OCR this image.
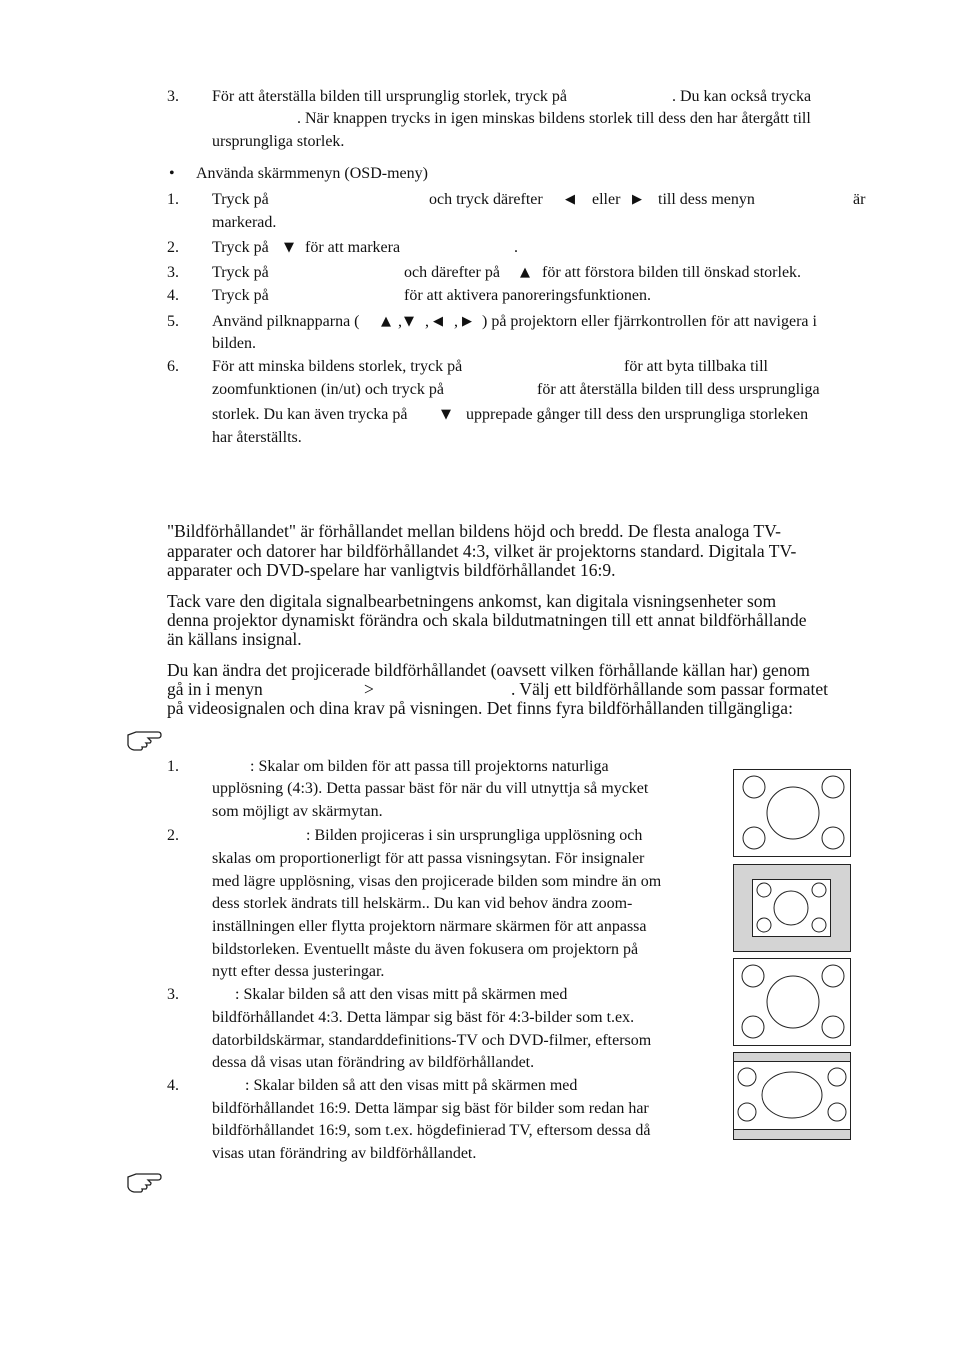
3. För att återställa bilden till ursprunglig storlek, tryck på	. Du kan också trycka
. När knappen trycks in igen minskas bildens storlek till dess den har återgått till
ursprungliga storlek.
• Använda skärmmenyn (OSD-meny)
1. Tryck på	och tryck därefter ◀ eller ▶ till dess menyn	är
markerad.
2. Tryck på ▼ för att markera	.
3. Tryck på	och därefter på ▲ för att förstora bilden till önskad storlek.
4. Tryck på	för att aktivera panoreringsfunktionen.
5. Använd pilknapparna ( ▲ , ▼ , ◀ , ▶ ) på projektorn eller fjärrkontrollen för att navigera i
bilden.
6. För att minska bildens storlek, tryck på	för att byta tillbaka till
zoomfunktionen (in/ut) och tryck på	för att återställa bilden till dess ursprungliga
storlek. Du kan även trycka på	▼ upprepade gånger till dess den ursprungliga storleken
har återställts.
"Bildförhållandet" är förhållandet mellan bildens höjd och bredd. De flesta analoga TV-
apparater och datorer har bildförhållandet 4:3, vilket är projektorns standard. Digitala TV-
apparater och DVD-spelare har vanligtvis bildförhållandet 16:9.
Tack vare den digitala signalbearbetningens ankomst, kan digitala visningsenheter som
denna projektor dynamiskt förändra och skala bildutmatningen till ett annat bildförhållande
än källans insignal.
Du kan ändra det projicerade bildförhållandet (oavsett vilken förhållande källan har) genom
gå in i menyn	>	. Välj ett bildförhållande som passar formatet
på videosignalen och dina krav på visningen. Det finns fyra bildförhållanden tillgängliga:
1.	: Skalar om bilden för att passa till projektorns naturliga
upplösning (4:3). Detta passar bäst för när du vill utnyttja så mycket
som möjligt av skärmytan.
2.	: Bilden projiceras i sin ursprungliga upplösning och
skalas om proportionerligt för att passa visningsytan. För insignaler
med lägre upplösning, visas den projicerade bilden som mindre än om
dess storlek ändrats till helskärm.. Du kan vid behov ändra zoom-
inställningen eller flytta projektorn närmare skärmen för att anpassa
bildstorleken. Eventuellt måste du även fokusera om projektorn på
nytt efter dessa justeringar.
3.	: Skalar bilden så att den visas mitt på skärmen med
bildförhållandet 4:3. Detta lämpar sig bäst för 4:3-bilder som t.ex.
datorbildskärmar, standarddefinitions-TV och DVD-filmer, eftersom
dessa då visas utan förändring av bildförhållandet.
4.	: Skalar bilden så att den visas mitt på skärmen med
bildförhållandet 16:9. Detta lämpar sig bäst för bilder som redan har
bildförhållandet 16:9, som t.ex. högdefinierad TV, eftersom dessa då
visas utan förändring av bildförhållandet.
